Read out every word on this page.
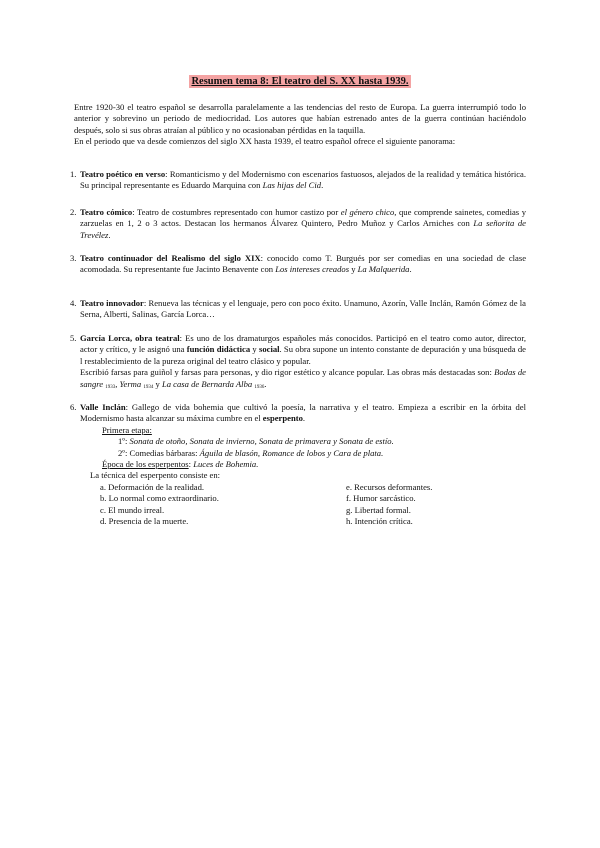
Resumen tema 8: El teatro del S. XX hasta 1939.
Entre 1920-30 el teatro español se desarrolla paralelamente a las tendencias del resto de Europa. La guerra interrumpió todo lo anterior y sobrevino un periodo de mediocridad. Los autores que habían estrenado antes de la guerra continúan haciéndolo después, solo si sus obras atraían al público y no ocasionaban pérdidas en la taquilla.
En el periodo que va desde comienzos del siglo XX hasta 1939, el teatro español ofrece el siguiente panorama:
1. Teatro poético en verso: Romanticismo y del Modernismo con escenarios fastuosos, alejados de la realidad y temática histórica. Su principal representante es Eduardo Marquina con Las hijas del Cid.
2. Teatro cómico: Teatro de costumbres representado con humor castizo por el género chico, que comprende sainetes, comedias y zarzuelas en 1, 2 o 3 actos. Destacan los hermanos Álvarez Quintero, Pedro Muñoz y Carlos Arniches con La señorita de Trevélez.
3. Teatro continuador del Realismo del siglo XIX: conocido como T. Burgués por ser comedias en una sociedad de clase acomodada. Su representante fue Jacinto Benavente con Los intereses creados y La Malquerida.
4. Teatro innovador: Renueva las técnicas y el lenguaje, pero con poco éxito. Unamuno, Azorín, Valle Inclán, Ramón Gómez de la Serna, Alberti, Salinas, García Lorca…
5. García Lorca, obra teatral: Es uno de los dramaturgos españoles más conocidos. Participó en el teatro como autor, director, actor y crítico, y le asignó una función didáctica y social. Su obra supone un intento constante de depuración y una búsqueda de l restablecimiento de la pureza original del teatro clásico y popular.
Escribió farsas para guiñol y farsas para personas, y dio rigor estético y alcance popular. Las obras más destacadas son: Bodas de sangre 1933, Yerma 1934 y La casa de Bernarda Alba 1936.
6. Valle Inclán: Gallego de vida bohemia que cultivó la poesía, la narrativa y el teatro. Empieza a escribir en la órbita del Modernismo hasta alcanzar su máxima cumbre en el esperpento.
Primera etapa:
1º: Sonata de otoño, Sonata de invierno, Sonata de primavera y Sonata de estío.
2º: Comedias bárbaras: Águila de blasón, Romance de lobos y Cara de plata.
Época de los esperpentos: Luces de Bohemia.
La técnica del esperpento consiste en:
a. Deformación de la realidad.
b. Lo normal como extraordinario.
c. El mundo irreal.
d. Presencia de la muerte.
e. Recursos deformantes.
f. Humor sarcástico.
g. Libertad formal.
h. Intención crítica.
